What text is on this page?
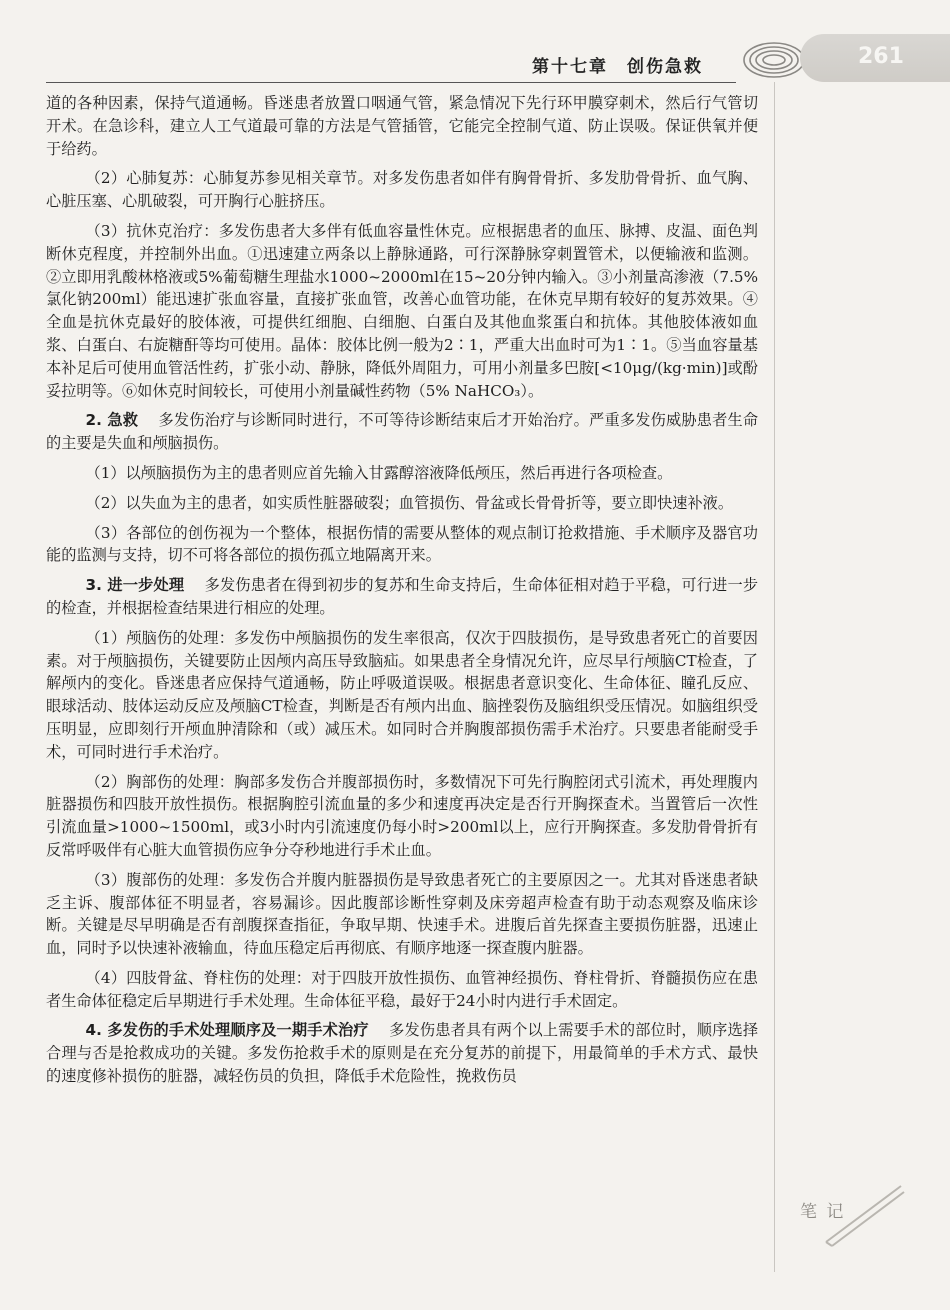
第十七章　创伤急救	261
笔 记

道的各种因素，保持气道通畅。昏迷患者放置口咽通气管，紧急情况下先行环甲膜穿刺术，然后行气管切开术。在急诊科，建立人工气道最可靠的方法是气管插管，它能完全控制气道、防止误吸。保证供氧并便于给药。

（2）心肺复苏：心肺复苏参见相关章节。对多发伤患者如伴有胸骨骨折、多发肋骨骨折、血气胸、心脏压塞、心肌破裂，可开胸行心脏挤压。

（3）抗休克治疗：多发伤患者大多伴有低血容量性休克。应根据患者的血压、脉搏、皮温、面色判断休克程度，并控制外出血。①迅速建立两条以上静脉通路，可行深静脉穿刺置管术，以便输液和监测。②立即用乳酸林格液或5%葡萄糖生理盐水1000~2000ml在15~20分钟内输入。③小剂量高渗液（7.5%氯化钠200ml）能迅速扩张血容量，直接扩张血管，改善心血管功能，在休克早期有较好的复苏效果。④全血是抗休克最好的胶体液，可提供红细胞、白细胞、白蛋白及其他血浆蛋白和抗体。其他胶体液如血浆、白蛋白、右旋糖酐等均可使用。晶体：胶体比例一般为2∶1，严重大出血时可为1∶1。⑤当血容量基本补足后可使用血管活性药，扩张小动、静脉，降低外周阻力，可用小剂量多巴胺[<10μg/(kg·min)]或酚妥拉明等。⑥如休克时间较长，可使用小剂量碱性药物（5% NaHCO₃）。

2. 急救　 多发伤治疗与诊断同时进行，不可等待诊断结束后才开始治疗。严重多发伤威胁患者生命的主要是失血和颅脑损伤。

（1）以颅脑损伤为主的患者则应首先输入甘露醇溶液降低颅压，然后再进行各项检查。

（2）以失血为主的患者，如实质性脏器破裂；血管损伤、骨盆或长骨骨折等，要立即快速补液。

（3）各部位的创伤视为一个整体，根据伤情的需要从整体的观点制订抢救措施、手术顺序及器官功能的监测与支持，切不可将各部位的损伤孤立地隔离开来。

3. 进一步处理　 多发伤患者在得到初步的复苏和生命支持后，生命体征相对趋于平稳，可行进一步的检查，并根据检查结果进行相应的处理。

（1）颅脑伤的处理：多发伤中颅脑损伤的发生率很高，仅次于四肢损伤，是导致患者死亡的首要因素。对于颅脑损伤，关键要防止因颅内高压导致脑疝。如果患者全身情况允许，应尽早行颅脑CT检查，了解颅内的变化。昏迷患者应保持气道通畅，防止呼吸道误吸。根据患者意识变化、生命体征、瞳孔反应、眼球活动、肢体运动反应及颅脑CT检查，判断是否有颅内出血、脑挫裂伤及脑组织受压情况。如脑组织受压明显，应即刻行开颅血肿清除和（或）减压术。如同时合并胸腹部损伤需手术治疗。只要患者能耐受手术，可同时进行手术治疗。

（2）胸部伤的处理：胸部多发伤合并腹部损伤时，多数情况下可先行胸腔闭式引流术，再处理腹内脏器损伤和四肢开放性损伤。根据胸腔引流血量的多少和速度再决定是否行开胸探查术。当置管后一次性引流血量>1000~1500ml，或3小时内引流速度仍每小时>200ml以上，应行开胸探查。多发肋骨骨折有反常呼吸伴有心脏大血管损伤应争分夺秒地进行手术止血。

（3）腹部伤的处理：多发伤合并腹内脏器损伤是导致患者死亡的主要原因之一。尤其对昏迷患者缺乏主诉、腹部体征不明显者，容易漏诊。因此腹部诊断性穿刺及床旁超声检查有助于动态观察及临床诊断。关键是尽早明确是否有剖腹探查指征，争取早期、快速手术。进腹后首先探查主要损伤脏器，迅速止血，同时予以快速补液输血，待血压稳定后再彻底、有顺序地逐一探查腹内脏器。

（4）四肢骨盆、脊柱伤的处理：对于四肢开放性损伤、血管神经损伤、脊柱骨折、脊髓损伤应在患者生命体征稳定后早期进行手术处理。生命体征平稳，最好于24小时内进行手术固定。

4. 多发伤的手术处理顺序及一期手术治疗　 多发伤患者具有两个以上需要手术的部位时，顺序选择合理与否是抢救成功的关键。多发伤抢救手术的原则是在充分复苏的前提下，用最简单的手术方式、最快的速度修补损伤的脏器，减轻伤员的负担，降低手术危险性，挽救伤员
